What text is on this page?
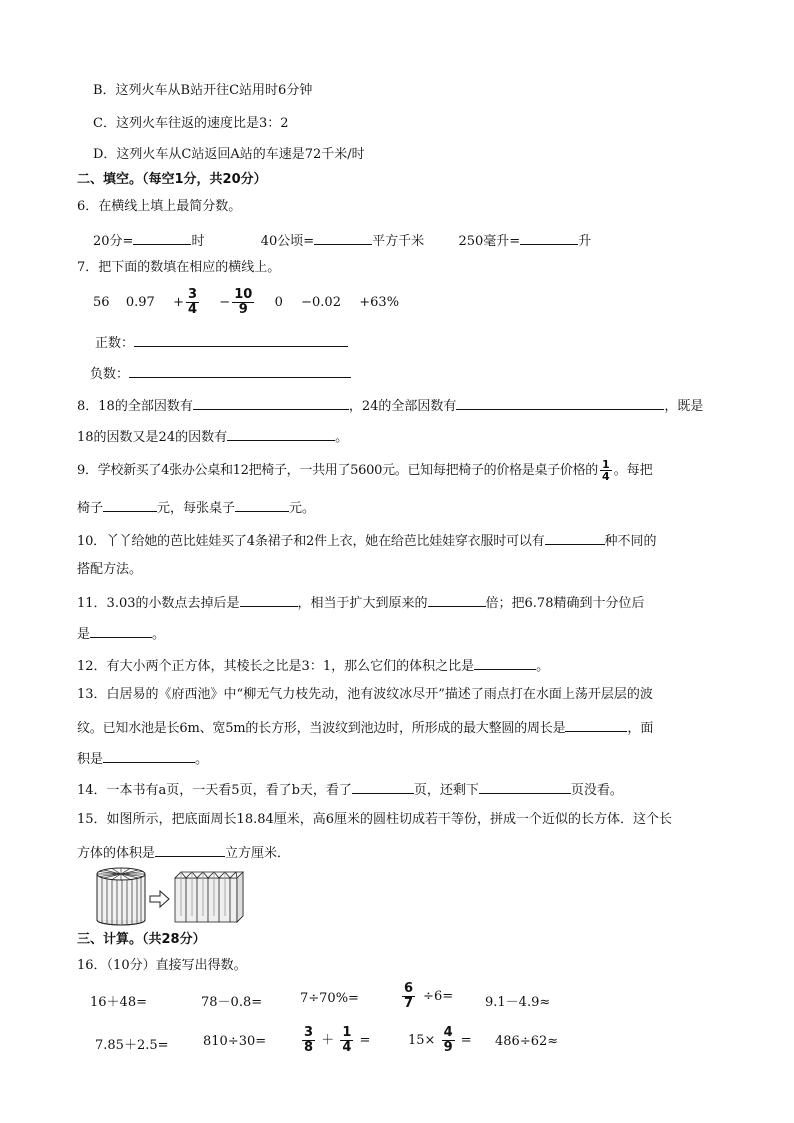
B．这列火车从B站开往C站用时6分钟
C．这列火车往返的速度比是3：2
D．这列火车从C站返回A站的车速是72千米/时
二、填空。（每空1分，共20分）
6．在横线上填上最简分数。
20分=	时	40公顷=	平方千米	250毫升=	升
7．把下面的数填在相应的横线上。
56 $0.97 + \frac{3}{4} - \frac{10}{9} 0 -0.02 +63\%$
正数：
负数：
8．18的全部因数有	，24的全部因数有	，既是
18的因数又是24的因数有	。
9．学校新买了4张办公桌和12把椅子，一共用了5600元。已知每把椅子的价格是桌子价格的 $\frac{1}{4}$ 。每把
椅子	元，每张桌子	元。
10．丫丫给她的芭比娃娃买了4条裙子和2件上衣，她在给芭比娃娃穿衣服时可以有	种不同的
搭配方法。
11．3.03的小数点去掉后是	，相当于扩大到原来的	倍；把6.78精确到十分位后
是	。
12．有大小两个正方体，其棱长之比是3：1，那么它们的体积之比是	。
13．白居易的《府西池》中“柳无气力枝先动，池有波纹冰尽开”描述了雨点打在水面上荡开层层的波
纹。已知水池是长6m、宽5m的长方形，当波纹到池边时，所形成的最大整圆的周长是	，面
积是	。
14．一本书有a页，一天看5页，看了b天，看了	页，还剩下	页没看。
15．如图所示，把底面周长18.84厘米，高6厘米的圆柱切成若干等份，拼成一个近似的长方体．这个长
方体的体积是	立方厘米．
三、计算。（共28分）
16．（10分）直接写出得数。
16＋48=	78－0.8=	7÷70%=	$\frac{6}{7} \div 6= 9.1-4.9\approx$
7.85＋2.5=	810÷30=	$\frac{3}{8} + \frac{1}{4}$ =	$15\times \frac{4}{9} = 486\div 62\approx$
